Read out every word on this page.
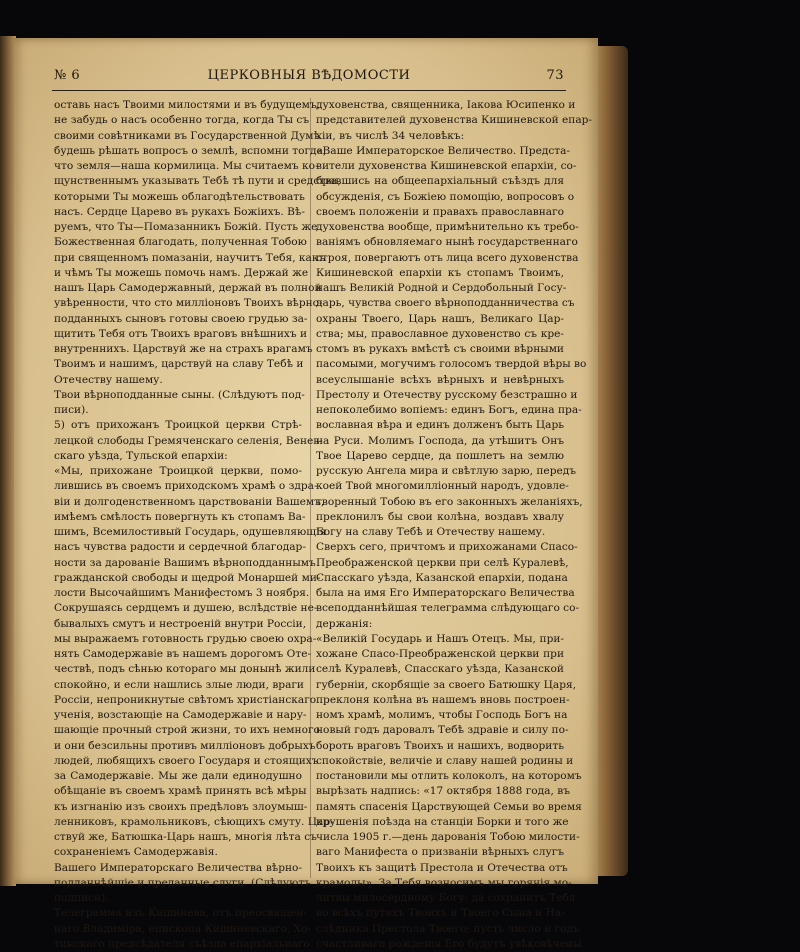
№ 6	ЦЕРКОВНЫЯ ВѢДОМОСТИ	73
оставь насъ Твоими милостями и въ будущемъ,
не забудь о насъ особенно тогда, когда Ты съ
своими совѣтниками въ Государственной Думѣ
будешь рѣшать вопросъ о землѣ, вспомни тогда,
что земля—наша кормилица. Мы считаемъ ко-
щунственнымъ указывать Тебѣ тѣ пути и средства,
которыми Ты можешь облагодѣтельствовать
насъ. Сердце Царево въ рукахъ Божіихъ. Вѣ-
руемъ, что Ты—Помазанникъ Божій. Пусть же
Божественная благодать, полученная Тобою
при священномъ помазаніи, научитъ Тебя, какъ
и чѣмъ Ты можешь помочь намъ. Держай же
нашъ Царь Самодержавный, держай въ полной
увѣренности, что сто милліоновъ Твоихъ вѣрно-
подданныхъ сыновъ готовы своею грудью за-
щитить Тебя отъ Твоихъ враговъ внѣшнихъ и
внутреннихъ. Царствуй же на страхъ врагамъ
Твоимъ и нашимъ, царствуй на славу Тебѣ и
Отечеству нашему.
Твои вѣрноподданные сыны. (Слѣдуютъ под-
писи).
5) отъ прихожанъ Троицкой церкви Стрѣ-
лецкой слободы Гремяченскаго селенія, Венев-
скаго уѣзда, Тульской епархіи:
«Мы, прихожане Троицкой церкви, помо-
лившись въ своемъ приходскомъ храмѣ о здра-
віи и долгоденственномъ царствованіи Вашемъ,
имѣемъ смѣлость повергнуть къ стопамъ Ва-
шимъ, Всемилостивый Государь, одушевляющія
насъ чувства радости и сердечной благодар-
ности за дарованіе Вашимъ вѣрноподданнымъ
гражданской свободы и щедрой Монаршей ми-
лости Высочайшимъ Манифестомъ 3 ноября.
Сокрушаясь сердцемъ и душею, вслѣдствіе не-
бывалыхъ смутъ и нестроеній внутри Россіи,
мы выражаемъ готовность грудью своею охра-
нять Самодержавіе въ нашемъ дорогомъ Оте-
чествѣ, подъ сѣнью котораго мы донынѣ жили
спокойно, и если нашлись злые люди, враги
Россіи, непроникнутые свѣтомъ христіанскаго
ученія, возстающіе на Самодержавіе и нару-
шающіе прочный строй жизни, то ихъ немного
и они безсильны противъ милліоновъ добрыхъ
людей, любящихъ своего Государя и стоящихъ
за Самодержавіе. Мы же дали единодушно
обѣщаніе въ своемъ храмѣ принять всѣ мѣры
къ изгнанію изъ своихъ предѣловъ злоумыш-
ленниковъ, крамольниковъ, сѣющихъ смуту. Цар-
ствуй же, Батюшка-Царь нашъ, многія лѣта съ
сохраненіемъ Самодержавія.
Вашего Императорскаго Величества вѣрно-
подданнѣйшіе и преданные слуги. (Слѣдуютъ
подписи).
Телеграмма изъ Кишинева, отъ преосвящен-
наго Владиміра, епископа Кишиневскаго, Хо-
тинскаго предсѣдателя съѣзда епархіальнаго
духовенства, священника, Іакова Юсипенко и
представителей духовенства Кишиневской епар-
хіи, въ числѣ 34 человѣкъ:
«Ваше Императорское Величество. Предста-
вители духовенства Кишиневской епархіи, со-
бравшись на общеепархіальный съѣздъ для
обсужденія, съ Божіею помощію, вопросовъ о
своемъ положеніи и правахъ православнаго
духовенства вообще, примѣнительно къ требо-
ваніямъ обновляемаго нынѣ государственнаго
строя, повергаютъ отъ лица всего духовенства
Кишиневской епархіи къ стопамъ Твоимъ,
нашъ Великій Родной и Сердобольный Госу-
дарь, чувства своего вѣрноподданничества съ
охраны Твоего, Царь нашъ, Великаго Цар-
ства; мы, православное духовенство съ кре-
стомъ въ рукахъ вмѣстѣ съ своими вѣрными
пасомыми, могучимъ голосомъ твердой вѣры во
всеуслышаніе всѣхъ вѣрныхъ и невѣрныхъ
Престолу и Отечеству русскому безстрашно и
непоколебимо вопіемъ: единъ Богъ, едина пра-
вославная вѣра и единъ долженъ быть Царь
на Руси. Молимъ Господа, да утѣшитъ Онъ
Твое Царево сердце, да пошлетъ на землю
русскую Ангела мира и свѣтлую зарю, передъ
коей Твой многомилліонный народъ, удовле-
творенный Тобою въ его законныхъ желаніяхъ,
преклонилъ бы свои колѣна, воздавъ хвалу
Богу на славу Тебѣ и Отечеству нашему.
Сверхъ сего, причтомъ и прихожанами Спасо-
Преображенской церкви при селѣ Куралевѣ,
Спасскаго уѣзда, Казанской епархіи, подана
была на имя Его Императорскаго Величества
всеподданнѣйшая телеграмма слѣдующаго со-
держанія:
«Великій Государь и Нашъ Отецъ. Мы, при-
хожане Спасо-Преображенской церкви при
селѣ Куралевѣ, Спасскаго уѣзда, Казанской
губерніи, скорбящіе за своего Батюшку Царя,
преклоня колѣна въ нашемъ вновь построен-
номъ храмѣ, молимъ, чтобы Господь Богъ на
новый годъ даровалъ Тебѣ здравіе и силу по-
бороть враговъ Твоихъ и нашихъ, водворить
спокойствіе, величіе и славу нашей родины и
постановили мы отлить колоколъ, на которомъ
вырѣзать надпись: «17 октября 1888 года, въ
память спасенія Царствующей Семьи во время
крушенія поѣзда на станціи Борки и того же
числа 1905 г.—день дарованія Тобою милости-
ваго Манифеста о призваніи вѣрныхъ слугъ
Твоихъ къ защитѣ Престола и Отечества отъ
крамолы». За Тебя возносимъ мы горячія мо-
литвы милосердному Богу: да сохранитъ Тебя
во всѣхъ путяхъ Твоихъ и Твоего Сына и На-
слѣдника Престола Твоего; пусть число и годъ
счастливаго рожденія Его будутъ увѣковѣчены
